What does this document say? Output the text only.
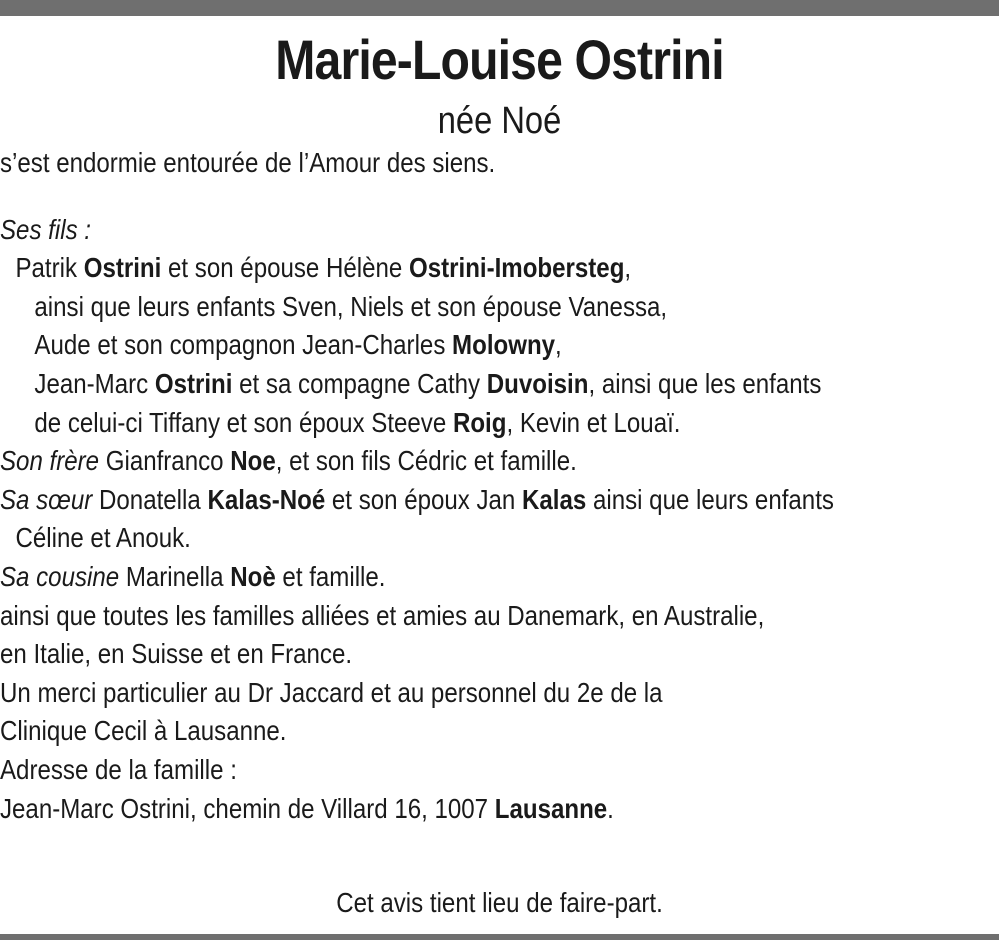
Marie-Louise Ostrini
née Noé
s’est endormie entourée de l’Amour des siens.
Ses fils :
Patrik Ostrini et son épouse Hélène Ostrini-Imobersteg,
ainsi que leurs enfants Sven, Niels et son épouse Vanessa,
Aude et son compagnon Jean-Charles Molowny,
Jean-Marc Ostrini et sa compagne Cathy Duvoisin, ainsi que les enfants
de celui-ci Tiffany et son époux Steeve Roig, Kevin et Louaï.
Son frère Gianfranco Noe, et son fils Cédric et famille.
Sa sœur Donatella Kalas-Noé et son époux Jan Kalas ainsi que leurs enfants
Céline et Anouk.
Sa cousine Marinella Noè et famille.
ainsi que toutes les familles alliées et amies au Danemark, en Australie,
en Italie, en Suisse et en France.
Un merci particulier au Dr Jaccard et au personnel du 2e de la
Clinique Cecil à Lausanne.
Adresse de la famille :
Jean-Marc Ostrini, chemin de Villard 16, 1007 Lausanne.
Cet avis tient lieu de faire-part.
